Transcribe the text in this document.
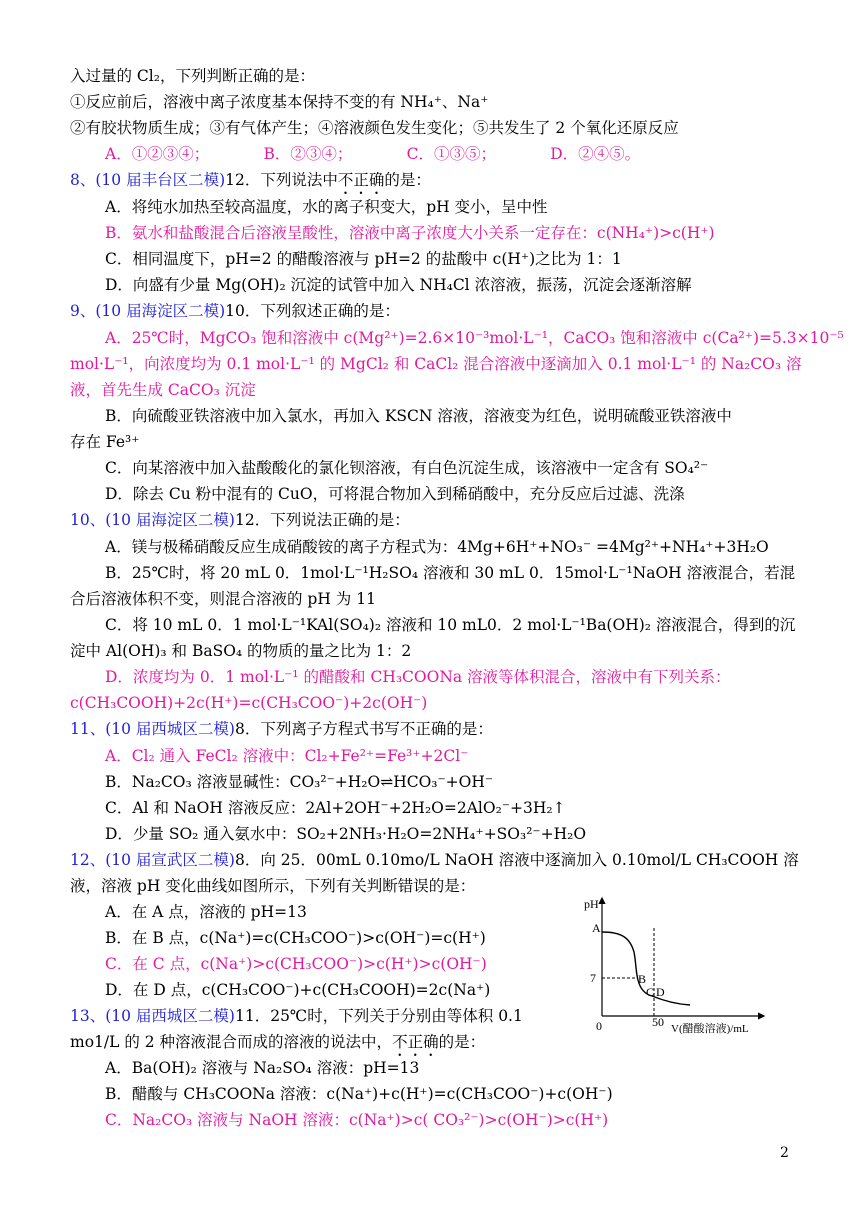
入过量的 Cl₂，下列判断正确的是：
①反应前后，溶液中离子浓度基本保持不变的有 NH₄⁺、Na⁺
②有胶状物质生成；③有气体产生；④溶液颜色发生变化；⑤共发生了 2 个氧化还原反应
A．①②③④；　　　　B．②③④；　　　　C．①③⑤；　　　　D．②④⑤。
8、(10 届丰台区二模)12．下列说法中不正确的是：
A．将纯水加热至较高温度，水的离子积变大，pH 变小，呈中性
B．氨水和盐酸混合后溶液呈酸性，溶液中离子浓度大小关系一定存在：c(NH₄⁺)>c(H⁺)
C．相同温度下，pH=2 的醋酸溶液与 pH=2 的盐酸中 c(H⁺)之比为 1：1
D．向盛有少量 Mg(OH)₂ 沉淀的试管中加入 NH₄Cl 浓溶液，振荡，沉淀会逐渐溶解
9、(10 届海淀区二模)10．下列叙述正确的是：
A．25℃时，MgCO₃ 饱和溶液中 c(Mg²⁺)=2.6×10⁻³mol·L⁻¹，CaCO₃ 饱和溶液中 c(Ca²⁺)=5.3×10⁻⁵
mol·L⁻¹，向浓度均为 0.1 mol·L⁻¹ 的 MgCl₂ 和 CaCl₂ 混合溶液中逐滴加入 0.1 mol·L⁻¹ 的 Na₂CO₃ 溶
液，首先生成 CaCO₃ 沉淀
B．向硫酸亚铁溶液中加入氯水，再加入 KSCN 溶液，溶液变为红色，说明硫酸亚铁溶液中
存在 Fe³⁺
C．向某溶液中加入盐酸酸化的氯化钡溶液，有白色沉淀生成，该溶液中一定含有 SO₄²⁻
D．除去 Cu 粉中混有的 CuO，可将混合物加入到稀硝酸中，充分反应后过滤、洗涤
10、(10 届海淀区二模)12．下列说法正确的是：
A．镁与极稀硝酸反应生成硝酸铵的离子方程式为：4Mg+6H⁺+NO₃⁻ =4Mg²⁺+NH₄⁺+3H₂O
B．25℃时，将 20 mL 0．1mol·L⁻¹H₂SO₄ 溶液和 30 mL 0．15mol·L⁻¹NaOH 溶液混合，若混
合后溶液体积不变，则混合溶液的 pH 为 11
C．将 10 mL 0．1 mol·L⁻¹KAl(SO₄)₂ 溶液和 10 mL0．2 mol·L⁻¹Ba(OH)₂ 溶液混合，得到的沉
淀中 Al(OH)₃ 和 BaSO₄ 的物质的量之比为 1：2
D．浓度均为 0．1 mol·L⁻¹ 的醋酸和 CH₃COONa 溶液等体积混合，溶液中有下列关系：
c(CH₃COOH)+2c(H⁺)=c(CH₃COO⁻)+2c(OH⁻)
11、(10 届西城区二模)8．下列离子方程式书写不正确的是：
A．Cl₂ 通入 FeCl₂ 溶液中：Cl₂+Fe²⁺=Fe³⁺+2Cl⁻
B．Na₂CO₃ 溶液显碱性：CO₃²⁻+H₂O⇌HCO₃⁻+OH⁻
C．Al 和 NaOH 溶液反应：2Al+2OH⁻+2H₂O=2AlO₂⁻+3H₂↑
D．少量 SO₂ 通入氨水中：SO₂+2NH₃·H₂O=2NH₄⁺+SO₃²⁻+H₂O
12、(10 届宣武区二模)8．向 25．00mL 0.10mo/L NaOH 溶液中逐滴加入 0.10mol/L CH₃COOH 溶
液，溶液 pH 变化曲线如图所示，下列有关判断错误的是：
A．在 A 点，溶液的 pH=13
B．在 B 点，c(Na⁺)=c(CH₃COO⁻)>c(OH⁻)=c(H⁺)
C．在 C 点，c(Na⁺)>c(CH₃COO⁻)>c(H⁺)>c(OH⁻)
D．在 D 点，c(CH₃COO⁻)+c(CH₃COOH)=2c(Na⁺)
13、(10 届西城区二模)11．25℃时，下列关于分别由等体积 0.1
mo1/L 的 2 种溶液混合而成的溶液的说法中，不正确的是：
A．Ba(OH)₂ 溶液与 Na₂SO₄ 溶液：pH=13
B．醋酸与 CH₃COONa 溶液：c(Na⁺)+c(H⁺)=c(CH₃COO⁻)+c(OH⁻)
C．Na₂CO₃ 溶液与 NaOH 溶液：c(Na⁺)>c( CO₃²⁻)>c(OH⁻)>c(H⁺)
pH
0
7
50 V(醋酸溶液)/mL
A
B
C D
2
